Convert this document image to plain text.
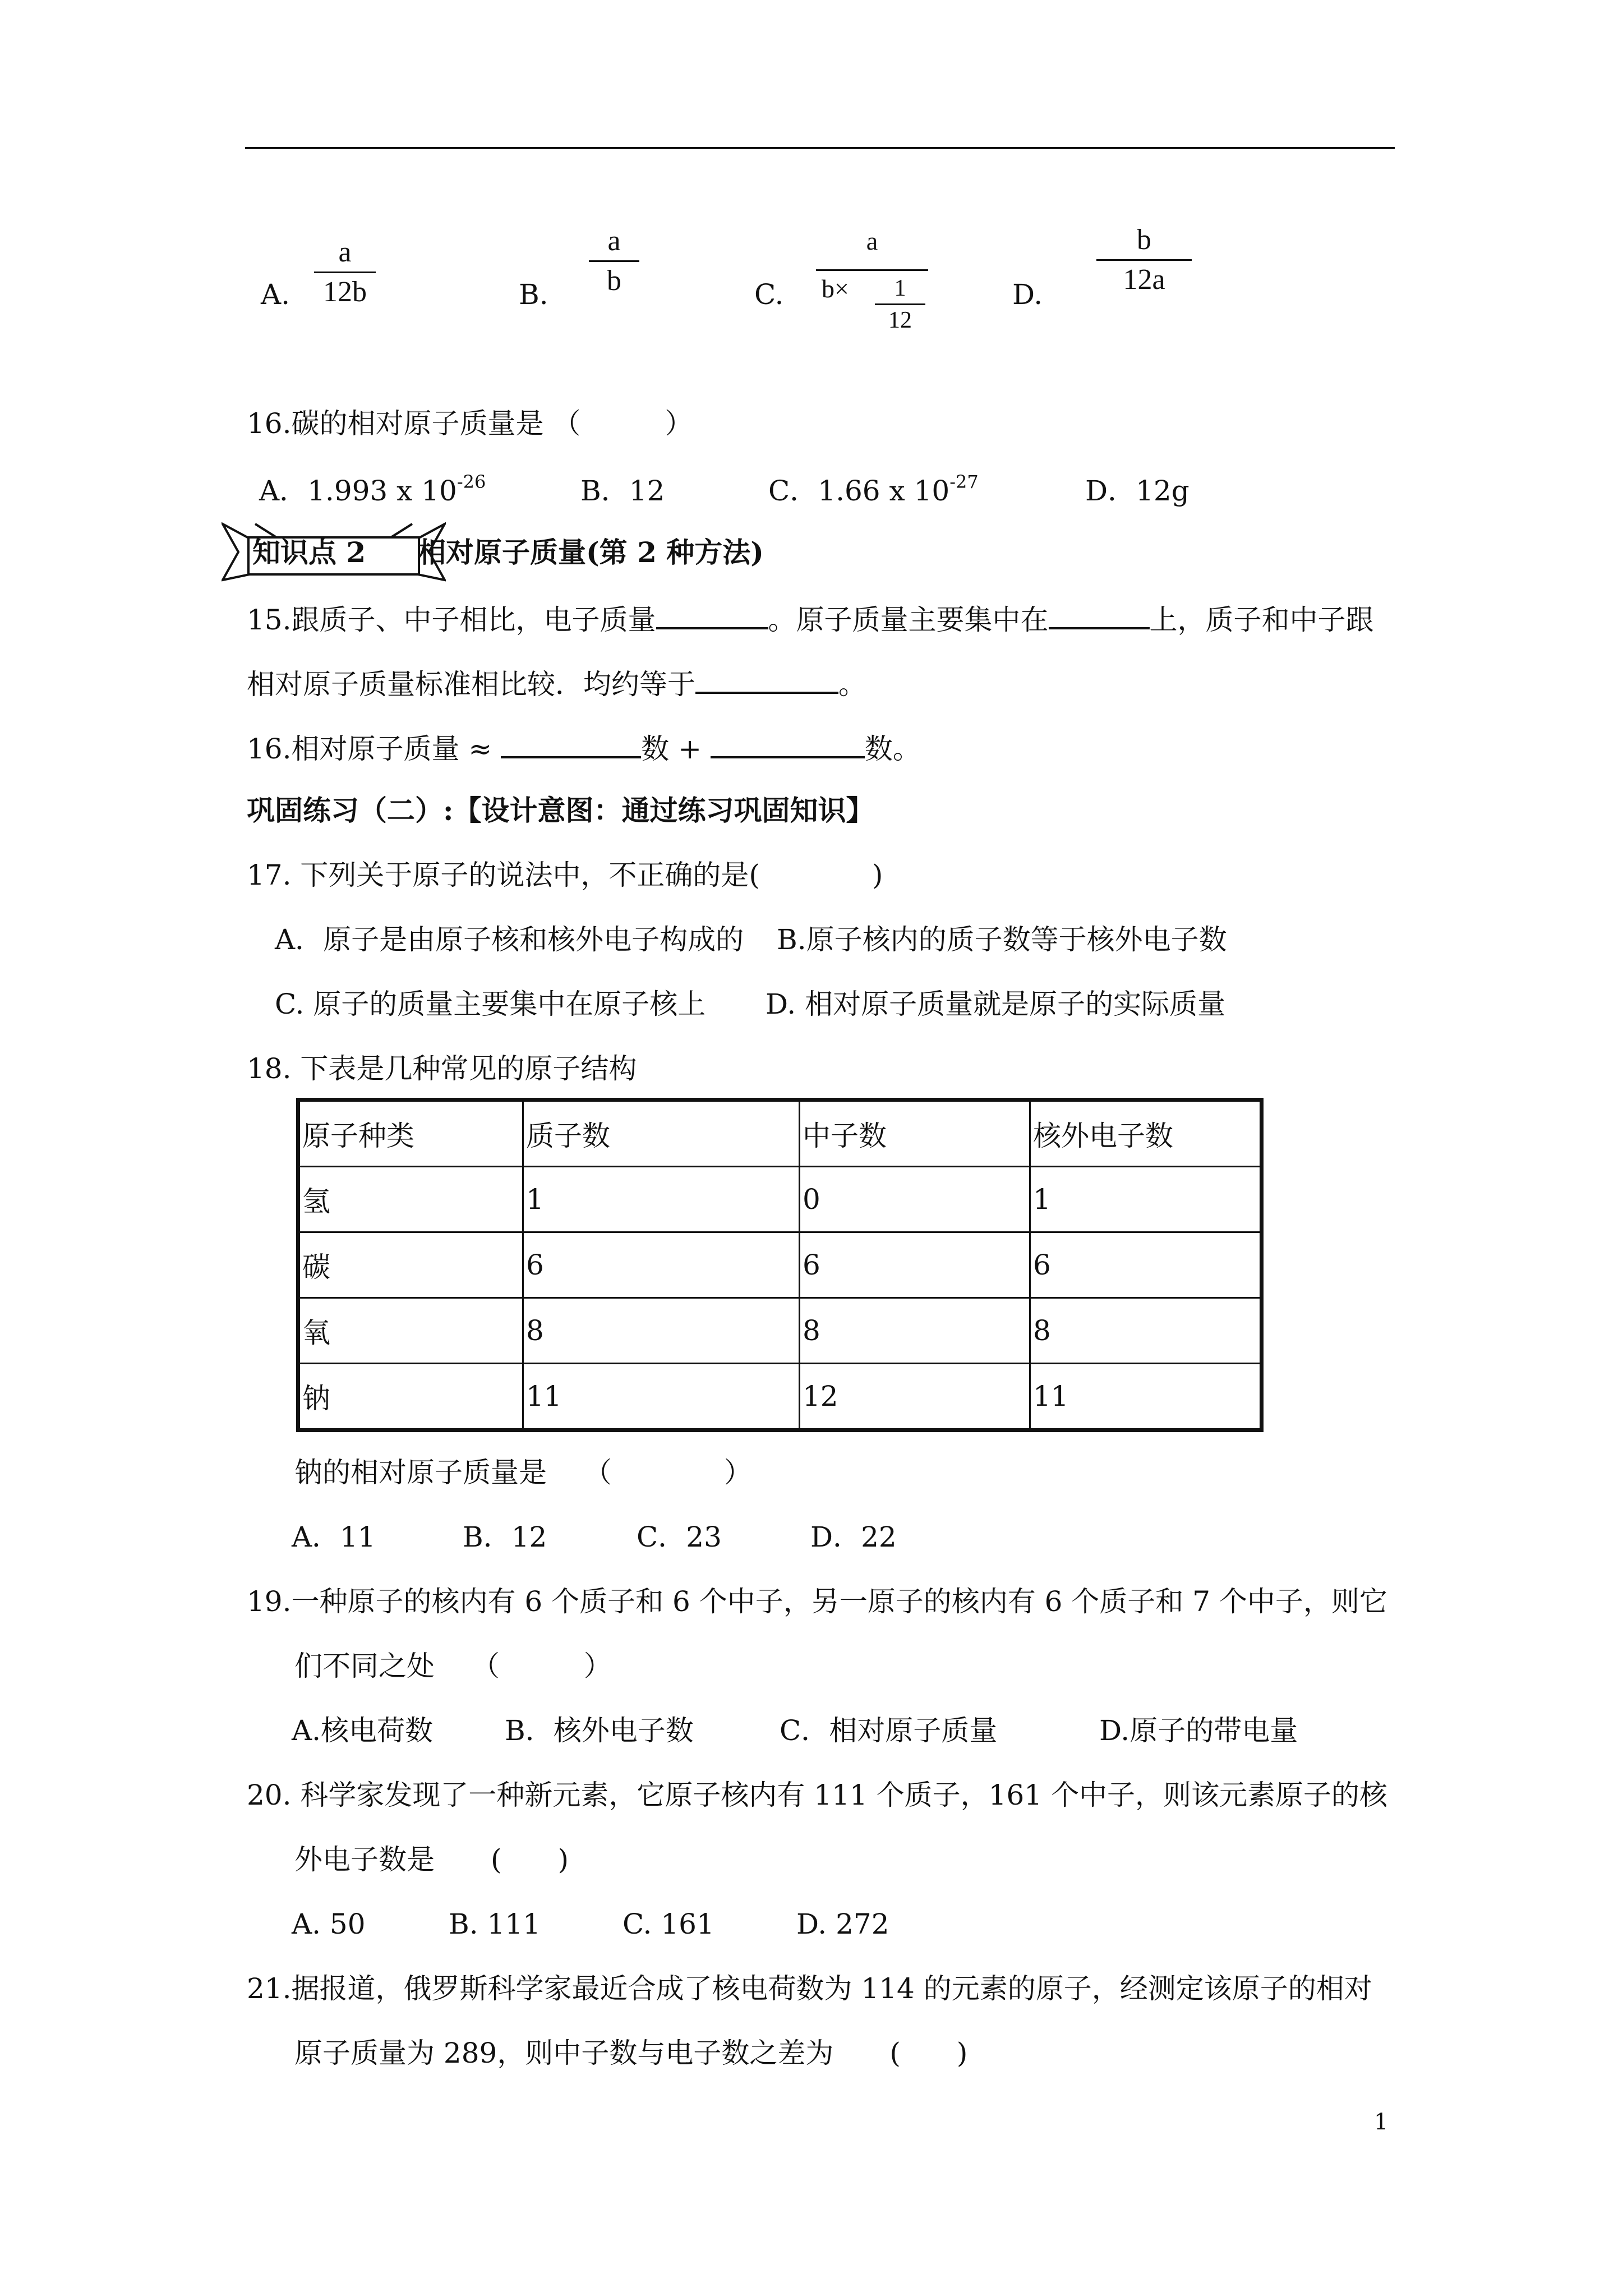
A.
a
12b	B.
a
b	C.
a
b×	1
12
D.
b
12a
16.碳的相对原子质量是 （　　　）
A．1.993 x $10^{-26}$	B．12	C．1.66 x $10^{-27}$	D．12g
知识点 2 相对原子质量(第 2 种方法)
15.跟质子、中子相比，电子质量	。原子质量主要集中在	上，质子和中子跟
相对原子质量标准相比较．均约等于	。
16.相对原子质量 ≈	数 +	数。
巩固练习（二）:【设计意图：通过练习巩固知识】
17. 下列关于原子的说法中，不正确的是(　　　　)
A．原子是由原子核和核外电子构成的 B.原子核内的质子数等于核外电子数
C. 原子的质量主要集中在原子核上 D. 相对原子质量就是原子的实际质量
18. 下表是几种常见的原子结构
原子种类	质子数	中子数	核外电子数
氢	1	0	1
碳	6	6	6
氧	8	8	8
钠	11	12	11
钠的相对原子质量是　 （　　　　）
A．11	B．12	C．23	D．22
19.一种原子的核内有 6 个质子和 6 个中子，另一原子的核内有 6 个质子和 7 个中子，则它
们不同之处　 （　　　）
A.核电荷数	B．核外电子数	C．相对原子质量	D.原子的带电量
20. 科学家发现了一种新元素，它原子核内有 111 个质子，161 个中子，则该元素原子的核
外电子数是　　(　　)
A. 50	B. 111	C. 161	D. 272
21.据报道，俄罗斯科学家最近合成了核电荷数为 114 的元素的原子，经测定该原子的相对
原子质量为 289，则中子数与电子数之差为　　(　　)
1
